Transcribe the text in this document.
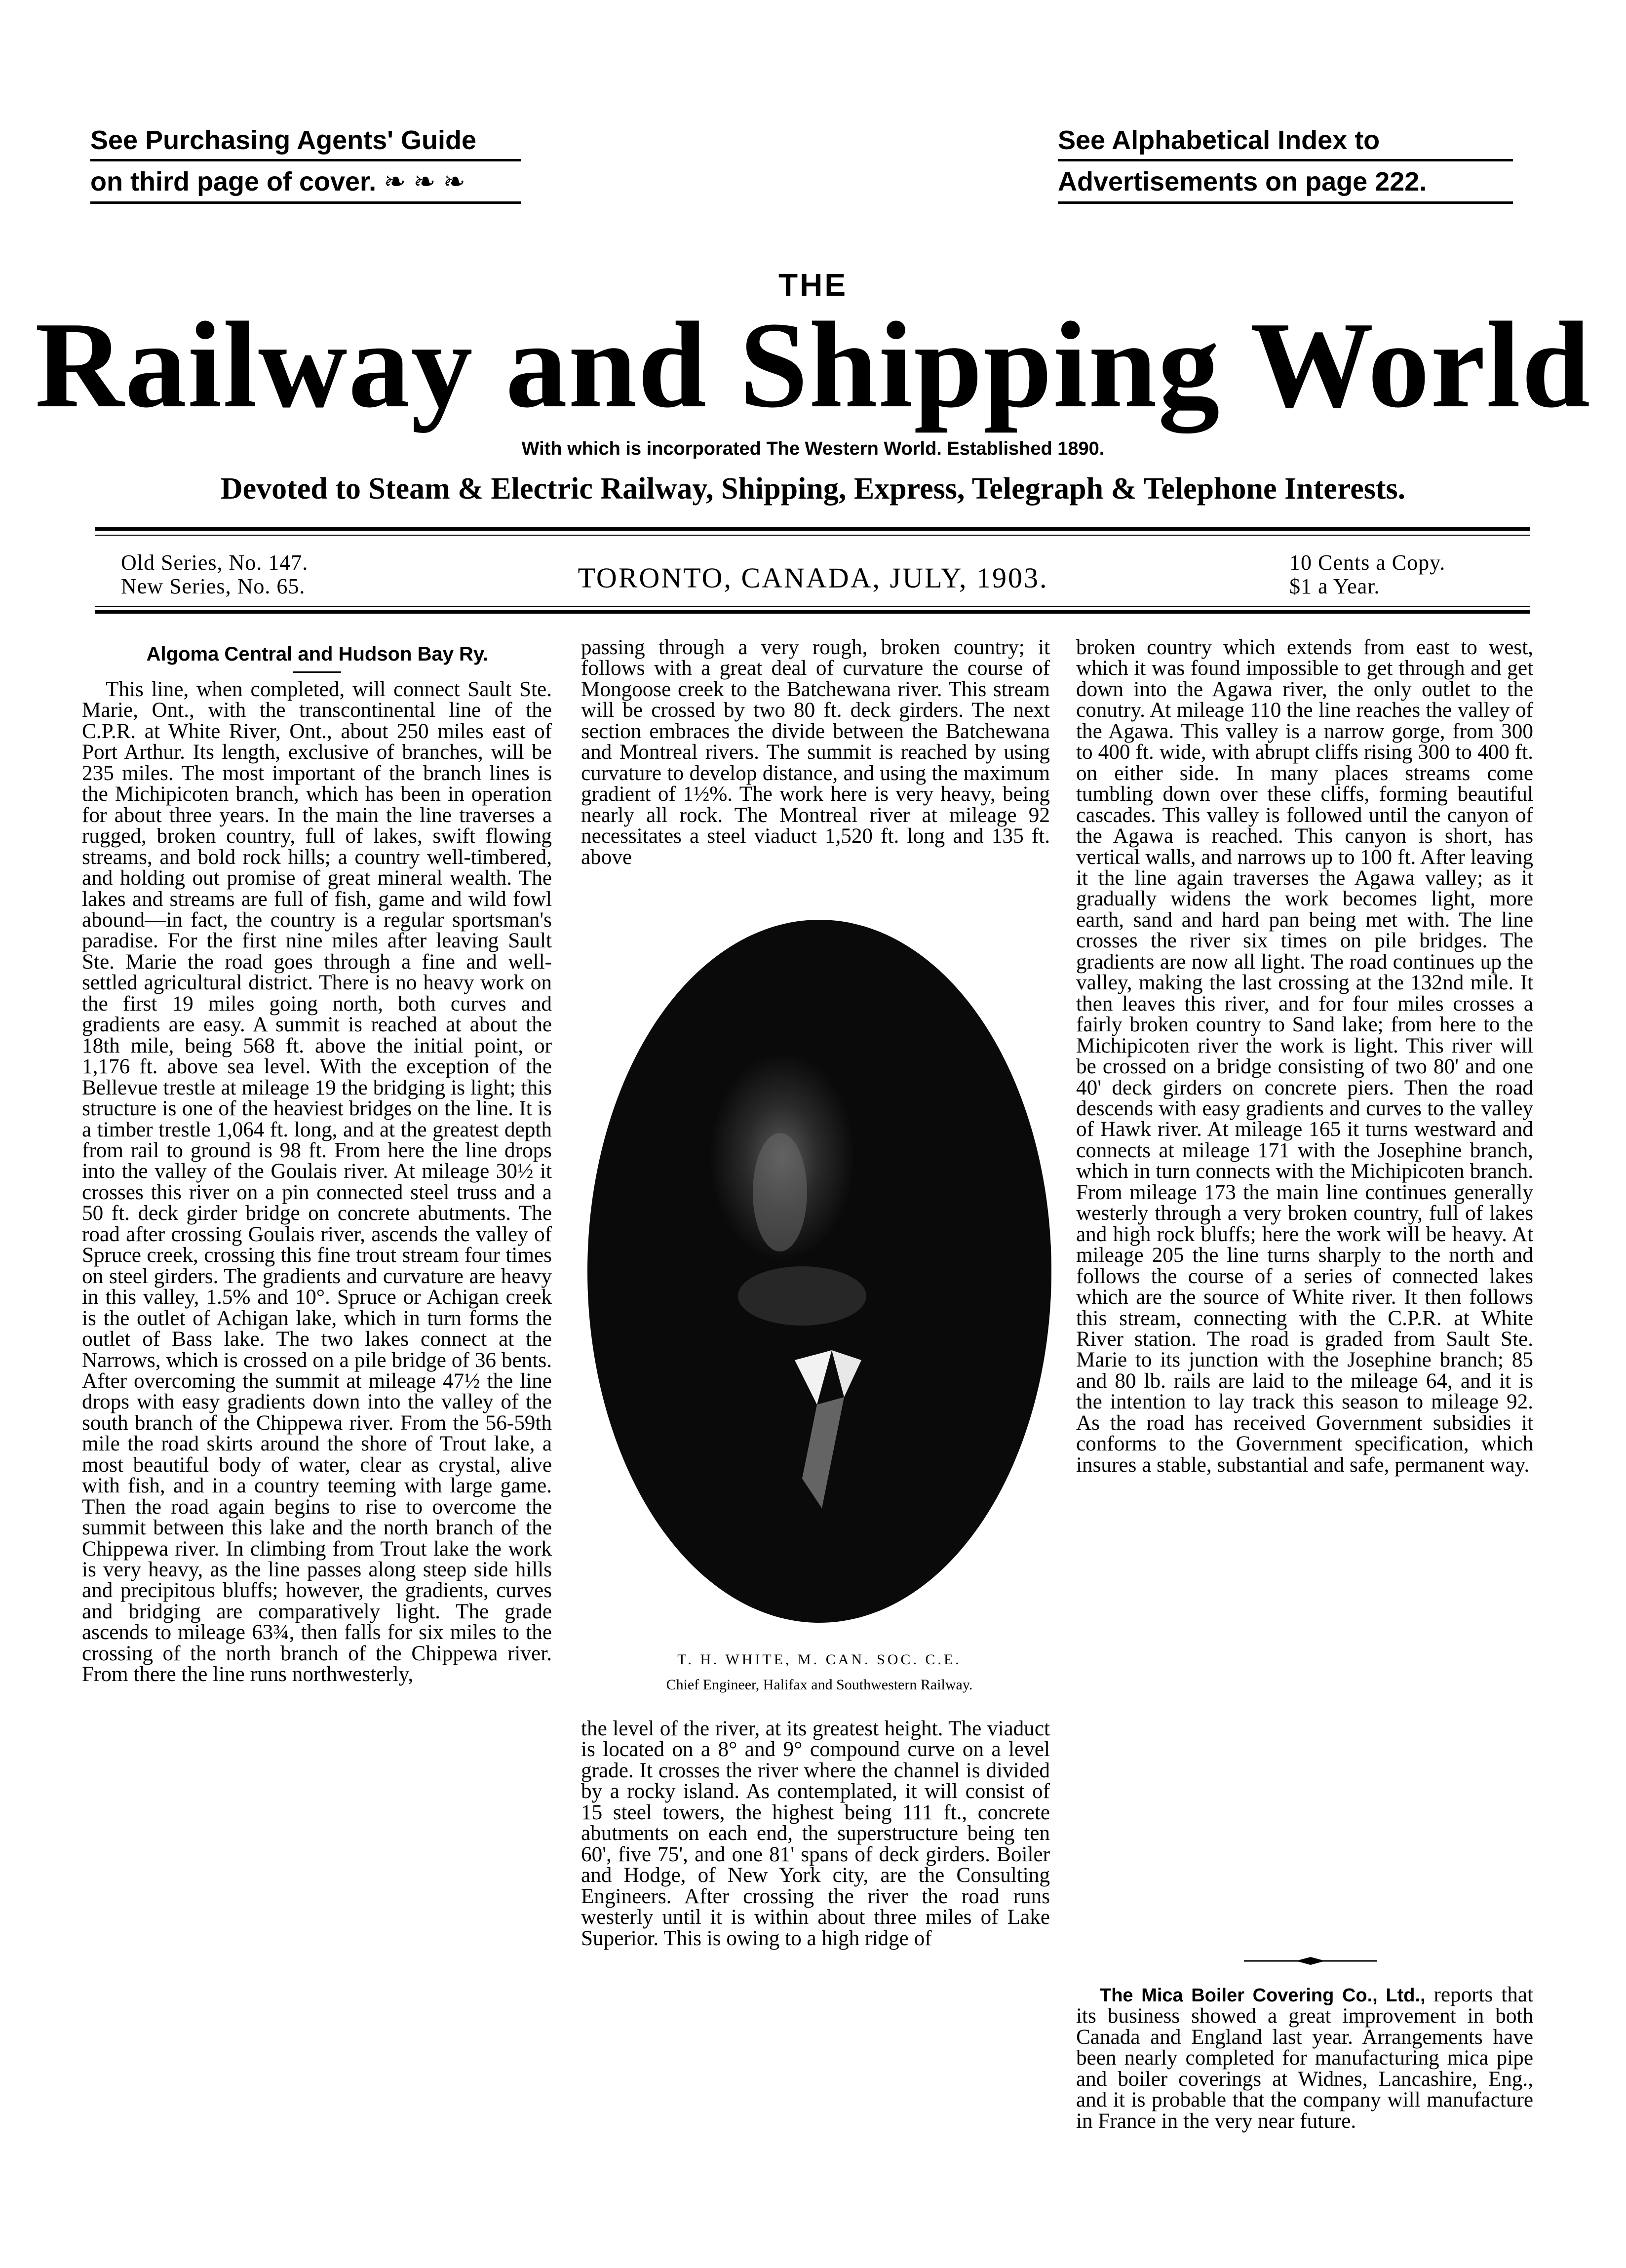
See Purchasing Agents' Guide
on third page of cover. ❧ ❧ ❧
See Alphabetical Index to
Advertisements on page 222.
THE
Railway and Shipping World
With which is incorporated The Western World. Established 1890.
Devoted to Steam & Electric Railway, Shipping, Express, Telegraph & Telephone Interests.
Old Series, No. 147.
New Series, No. 65.	TORONTO, CANADA, JULY, 1903.	10 Cents a Copy.
$1 a Year.
Algoma Central and Hudson Bay Ry.

This line, when completed, will connect Sault Ste. Marie, Ont., with the transcontinental line of the C.P.R. at White River, Ont., about 250 miles east of Port Arthur. Its length, exclusive of branches, will be 235 miles. The most important of the branch lines is the Michipicoten branch, which has been in operation for about three years. In the main the line traverses a rugged, broken country, full of lakes, swift flowing streams, and bold rock hills; a country well-timbered, and holding out promise of great mineral wealth. The lakes and streams are full of fish, game and wild fowl abound—in fact, the country is a regular sportsman's paradise. For the first nine miles after leaving Sault Ste. Marie the road goes through a fine and well-settled agricultural district. There is no heavy work on the first 19 miles going north, both curves and gradients are easy. A summit is reached at about the 18th mile, being 568 ft. above the initial point, or 1,176 ft. above sea level. With the exception of the Bellevue trestle at mileage 19 the bridging is light; this structure is one of the heaviest bridges on the line. It is a timber trestle 1,064 ft. long, and at the greatest depth from rail to ground is 98 ft. From here the line drops into the valley of the Goulais river. At mileage 30½ it crosses this river on a pin connected steel truss and a 50 ft. deck girder bridge on concrete abutments. The road after crossing Goulais river, ascends the valley of Spruce creek, crossing this fine trout stream four times on steel girders. The gradients and curvature are heavy in this valley, 1.5% and 10°. Spruce or Achigan creek is the outlet of Achigan lake, which in turn forms the outlet of Bass lake. The two lakes connect at the Narrows, which is crossed on a pile bridge of 36 bents. After overcoming the summit at mileage 47½ the line drops with easy gradients down into the valley of the south branch of the Chippewa river. From the 56-59th mile the road skirts around the shore of Trout lake, a most beautiful body of water, clear as crystal, alive with fish, and in a country teeming with large game. Then the road again begins to rise to overcome the summit between this lake and the north branch of the Chippewa river. In climbing from Trout lake the work is very heavy, as the line passes along steep side hills and precipitous bluffs; however, the gradients, curves and bridging are comparatively light. The grade ascends to mileage 63¾, then falls for six miles to the crossing of the north branch of the Chippewa river. From there the line runs northwesterly,

passing through a very rough, broken country; it follows with a great deal of curvature the course of Mongoose creek to the Batchewana river. This stream will be crossed by two 80 ft. deck girders. The next section embraces the divide between the Batchewana and Montreal rivers. The summit is reached by using curvature to develop distance, and using the maximum gradient of 1½%. The work here is very heavy, being nearly all rock. The Montreal river at mileage 92 necessitates a steel viaduct 1,520 ft. long and 135 ft. above

T. H. WHITE, M. CAN. SOC. C.E.
Chief Engineer, Halifax and Southwestern Railway.

the level of the river, at its greatest height. The viaduct is located on a 8° and 9° compound curve on a level grade. It crosses the river where the channel is divided by a rocky island. As contemplated, it will consist of 15 steel towers, the highest being 111 ft., concrete abutments on each end, the superstructure being ten 60', five 75', and one 81' spans of deck girders. Boiler and Hodge, of New York city, are the Consulting Engineers. After crossing the river the road runs westerly until it is within about three miles of Lake Superior. This is owing to a high ridge of

broken country which extends from east to west, which it was found impossible to get through and get down into the Agawa river, the only outlet to the conutry. At mileage 110 the line reaches the valley of the Agawa. This valley is a narrow gorge, from 300 to 400 ft. wide, with abrupt cliffs rising 300 to 400 ft. on either side. In many places streams come tumbling down over these cliffs, forming beautiful cascades. This valley is followed until the canyon of the Agawa is reached. This canyon is short, has vertical walls, and narrows up to 100 ft. After leaving it the line again traverses the Agawa valley; as it gradually widens the work becomes light, more earth, sand and hard pan being met with. The line crosses the river six times on pile bridges. The gradients are now all light. The road continues up the valley, making the last crossing at the 132nd mile. It then leaves this river, and for four miles crosses a fairly broken country to Sand lake; from here to the Michipicoten river the work is light. This river will be crossed on a bridge consisting of two 80' and one 40' deck girders on concrete piers. Then the road descends with easy gradients and curves to the valley of Hawk river. At mileage 165 it turns westward and connects at mileage 171 with the Josephine branch, which in turn connects with the Michipicoten branch. From mileage 173 the main line continues generally westerly through a very broken country, full of lakes and high rock bluffs; here the work will be heavy. At mileage 205 the line turns sharply to the north and follows the course of a series of connected lakes which are the source of White river. It then follows this stream, connecting with the C.P.R. at White River station. The road is graded from Sault Ste. Marie to its junction with the Josephine branch; 85 and 80 lb. rails are laid to the mileage 64, and it is the intention to lay track this season to mileage 92. As the road has received Government subsidies it conforms to the Government specification, which insures a stable, substantial and safe, permanent way.

The Mica Boiler Covering Co., Ltd., reports that its business showed a great improvement in both Canada and England last year. Arrangements have been nearly completed for manufacturing mica pipe and boiler coverings at Widnes, Lancashire, Eng., and it is probable that the company will manufacture in France in the very near future.
